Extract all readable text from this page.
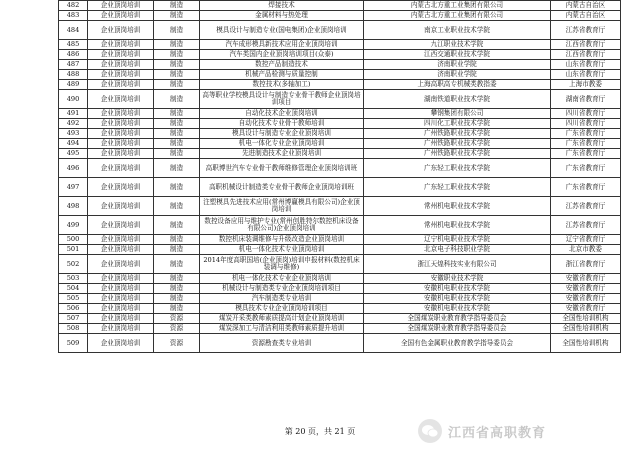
482	企业顶岗培训	制造	焊接技术	内蒙古北方重工业集团有限公司	内蒙古自治区
483	企业顶岗培训	制造	金属材料与热处理	内蒙古北方重工业集团有限公司	内蒙古自治区
484	企业顶岗培训	制造	模具设计与制造专业(国电集团)企业顶岗培训	南京工业职业技术学院	江苏省教育厅
485	企业顶岗培训	制造	汽车成形模具新技术应用企业顶岗培训	九江职业技术学院	江西省教育厅
486	企业顶岗培训	制造	汽车类国内企业顶岗培训项目(众泰)	江西交通职业技术学院	江西省教育厅
487	企业顶岗培训	制造	数控产品制造技术	济南职业学院	山东省教育厅
488	企业顶岗培训	制造	机械产品检测与质量控制	济南职业学院	山东省教育厅
489	企业顶岗培训	制造	数控技术(多轴加工)	上海高职高专机械类教指委	上海市教委
490	企业顶岗培训	制造	高等职业学校模具设计与制造专业骨干教师企业顶岗培训项目	湖南铁道职业技术学院	湖南省教育厅
491	企业顶岗培训	制造	自动化技术企业顶岗培训	攀钢集团有限公司	四川省教育厅
492	企业顶岗培训	制造	自动化技术专业骨干教师培训	四川化工职业技术学院	四川省教育厅
493	企业顶岗培训	制造	模具设计与制造专业企业顶岗培训	广州铁路职业技术学院	广东省教育厅
494	企业顶岗培训	制造	机电一体化专业企业顶岗培训	广州铁路职业技术学院	广东省教育厅
495	企业顶岗培训	制造	先进制造技术企业顶岗培训	广州铁路职业技术学院	广东省教育厅
496	企业顶岗培训	制造	高职博世汽车专业骨干教师维修管理企业顶岗培训班	广东轻工职业技术学院	广东省教育厅
497	企业顶岗培训	制造	高职机械设计制造类专业骨干教师企业顶岗培训班	广东轻工职业技术学院	广东省教育厅
498	企业顶岗培训	制造	注塑模具先进技术应用(常州博赢模具有限公司)企业顶岗培训	常州机电职业技术学院	江苏省教育厅
499	企业顶岗培训	制造	数控设备应用与维护专业(常州创胜特尔数控机床设备有限公司)企业顶岗培训	常州机电职业技术学院	江苏省教育厅
500	企业顶岗培训	制造	数控机床装调维修与升级改造企业顶岗培训	辽宁机电职业技术学院	辽宁省教育厅
501	企业顶岗培训	制造	机电一体化技术专业顶岗培训	北京电子科技职业学院	北京市教委
502	企业顶岗培训	制造	2014年度高职国培(企业顶岗)培训申报材料(数控机床装调与维修)	浙江天煌科技实业有限公司	浙江省教育厅
503	企业顶岗培训	制造	机电一体化技术专业企业顶岗培训	安徽职业技术学院	安徽省教育厅
504	企业顶岗培训	制造	机械设计与制造类专业企业顶岗培训项目	安徽机电职业技术学院	安徽省教育厅
505	企业顶岗培训	制造	汽车制造类专业培训	安徽机电职业技术学院	安徽省教育厅
506	企业顶岗培训	制造	模具技术专业企业顶岗培训项目	安徽机电职业技术学院	安徽省教育厅
507	企业顶岗培训	资源	煤炭开采类教师素质提高计划企业顶岗培训	全国煤炭职业教育教学指导委员会	全国性培训机构
508	企业顶岗培训	资源	煤炭深加工与清洁利用类教师素质提升培训	全国煤炭职业教育教学指导委员会	全国性培训机构
509	企业顶岗培训	资源	资源勘查类专业培训	全国有色金属职业教育教学指导委员会	全国性培训机构
第 20 页，共 21 页	江西省高职教育
